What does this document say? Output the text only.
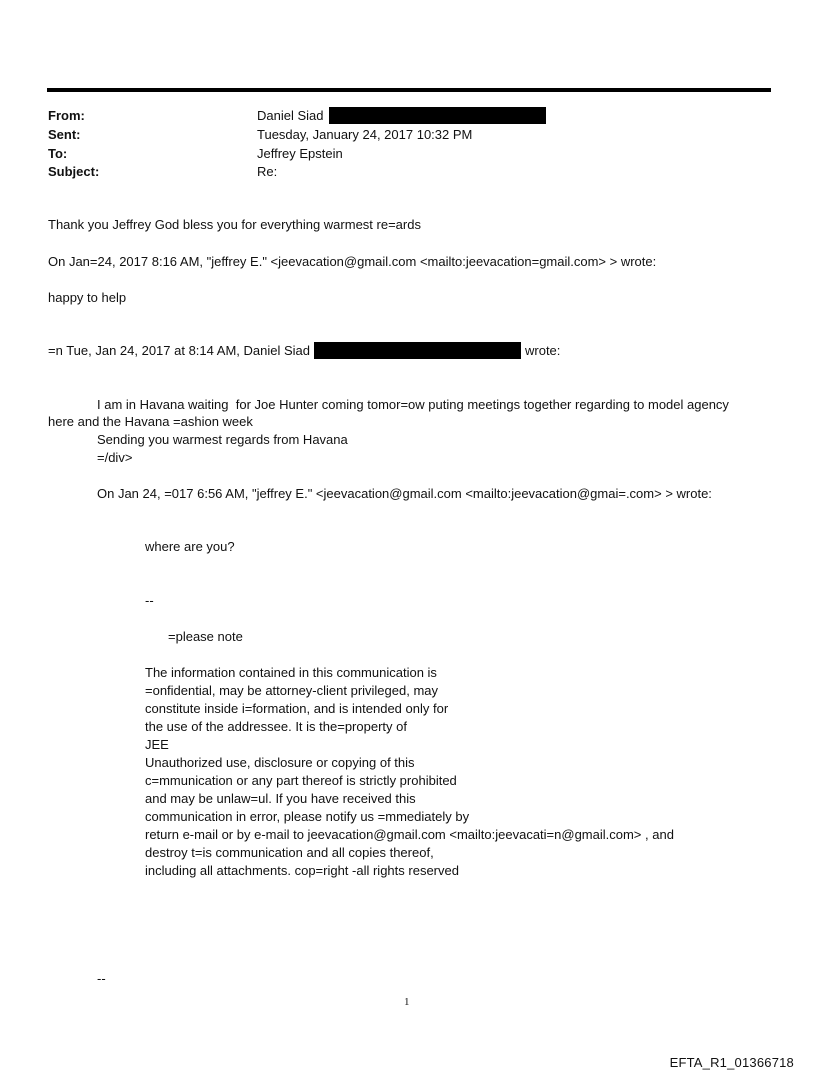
From:	Daniel Siad
Sent:	Tuesday, January 24, 2017 10:32 PM
To:	Jeffrey Epstein
Subject:	Re:
Thank you Jeffrey God bless you for everything warmest re=ards
On Jan=24, 2017 8:16 AM, "jeffrey E." <jeevacation@gmail.com <mailto:jeevacation=gmail.com> > wrote:
happy to help
=n Tue, Jan 24, 2017 at 8:14 AM, Daniel Siad	wrote:
I am in Havana waiting  for Joe Hunter coming tomor=ow puting meetings together regarding to model agency
here and the Havana =ashion week
Sending you warmest regards from Havana
=/div>
On Jan 24, =017 6:56 AM, "jeffrey E." <jeevacation@gmail.com <mailto:jeevacation@gmai=.com> > wrote:
where are you?
--
=please note
The information contained in this communication is
=onfidential, may be attorney-client privileged, may
constitute inside i=formation, and is intended only for
the use of the addressee. It is the=property of
JEE
Unauthorized use, disclosure or copying of this
c=mmunication or any part thereof is strictly prohibited
and may be unlaw=ul. If you have received this
communication in error, please notify us =mmediately by
return e-mail or by e-mail to jeevacation@gmail.com <mailto:jeevacati=n@gmail.com> , and
destroy t=is communication and all copies thereof,
including all attachments. cop=right -all rights reserved
--
1
EFTA_R1_01366718
